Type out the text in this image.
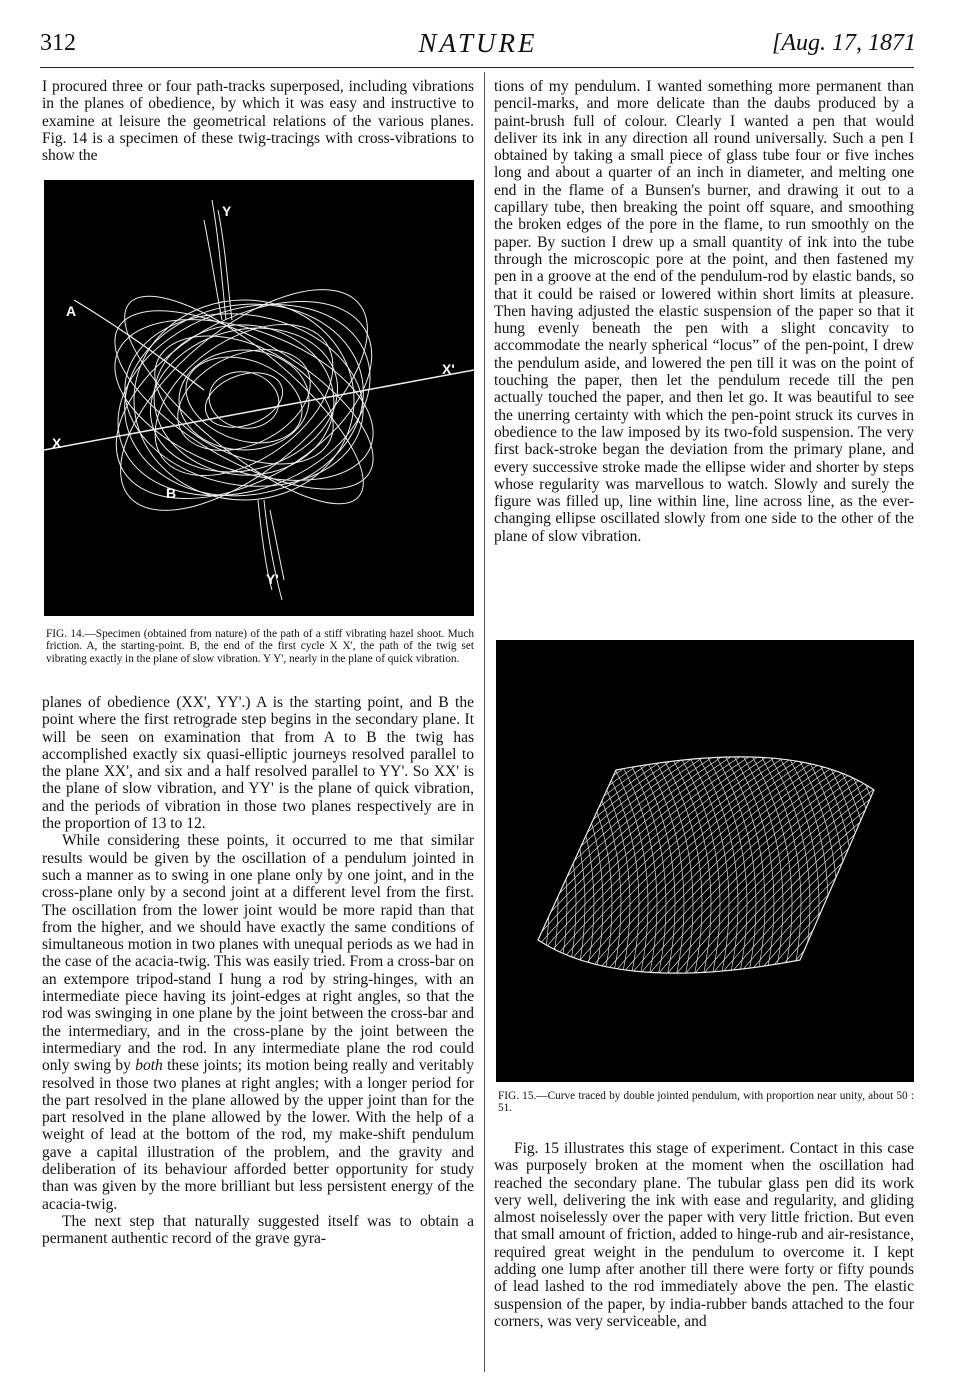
312	NATURE	[Aug. 17, 1871

I procured three or four path-tracks superposed, including vibrations in the planes of obedience, by which it was easy and instructive to examine at leisure the geometrical relations of the various planes. Fig. 14 is a specimen of these twig-tracings with cross-vibrations to show the

Y
A
X'
X
B
Y'
FIG. 14.—Specimen (obtained from nature) of the path of a stiff vibrating hazel shoot. Much friction. A, the starting-point. B, the end of the first cycle X X', the path of the twig set vibrating exactly in the plane of slow vibration. Y Y', nearly in the plane of quick vibration.

planes of obedience (XX', YY'.) A is the starting point, and B the point where the first retrograde step begins in the secondary plane. It will be seen on examination that from A to B the twig has accomplished exactly six quasi-elliptic journeys resolved parallel to the plane XX', and six and a half resolved parallel to YY'. So XX' is the plane of slow vibration, and YY' is the plane of quick vibration, and the periods of vibration in those two planes respectively are in the proportion of 13 to 12.

While considering these points, it occurred to me that similar results would be given by the oscillation of a pendulum jointed in such a manner as to swing in one plane only by one joint, and in the cross-plane only by a second joint at a different level from the first. The oscillation from the lower joint would be more rapid than that from the higher, and we should have exactly the same conditions of simultaneous motion in two planes with unequal periods as we had in the case of the acacia-twig. This was easily tried. From a cross-bar on an extempore tripod-stand I hung a rod by string-hinges, with an intermediate piece having its joint-edges at right angles, so that the rod was swinging in one plane by the joint between the cross-bar and the intermediary, and in the cross-plane by the joint between the intermediary and the rod. In any intermediate plane the rod could only swing by both these joints; its motion being really and veritably resolved in those two planes at right angles; with a longer period for the part resolved in the plane allowed by the upper joint than for the part resolved in the plane allowed by the lower. With the help of a weight of lead at the bottom of the rod, my make-shift pendulum gave a capital illustration of the problem, and the gravity and deliberation of its behaviour afforded better opportunity for study than was given by the more brilliant but less persistent energy of the acacia-twig.

The next step that naturally suggested itself was to obtain a permanent authentic record of the grave gyra-

tions of my pendulum. I wanted something more permanent than pencil-marks, and more delicate than the daubs produced by a paint-brush full of colour. Clearly I wanted a pen that would deliver its ink in any direction all round universally. Such a pen I obtained by taking a small piece of glass tube four or five inches long and about a quarter of an inch in diameter, and melting one end in the flame of a Bunsen's burner, and drawing it out to a capillary tube, then breaking the point off square, and smoothing the broken edges of the pore in the flame, to run smoothly on the paper. By suction I drew up a small quantity of ink into the tube through the microscopic pore at the point, and then fastened my pen in a groove at the end of the pendulum-rod by elastic bands, so that it could be raised or lowered within short limits at pleasure. Then having adjusted the elastic suspension of the paper so that it hung evenly beneath the pen with a slight concavity to accommodate the nearly spherical “locus” of the pen-point, I drew the pendulum aside, and lowered the pen till it was on the point of touching the paper, then let the pendulum recede till the pen actually touched the paper, and then let go. It was beautiful to see the unerring certainty with which the pen-point struck its curves in obedience to the law imposed by its two-fold suspension. The very first back-stroke began the deviation from the primary plane, and every successive stroke made the ellipse wider and shorter by steps whose regularity was marvellous to watch. Slowly and surely the figure was filled up, line within line, line across line, as the ever-changing ellipse oscillated slowly from one side to the other of the plane of slow vibration.

FIG. 15.—Curve traced by double jointed pendulum, with proportion near unity, about 50 : 51.

Fig. 15 illustrates this stage of experiment. Contact in this case was purposely broken at the moment when the oscillation had reached the secondary plane. The tubular glass pen did its work very well, delivering the ink with ease and regularity, and gliding almost noiselessly over the paper with very little friction. But even that small amount of friction, added to hinge-rub and air-resistance, required great weight in the pendulum to overcome it. I kept adding one lump after another till there were forty or fifty pounds of lead lashed to the rod immediately above the pen. The elastic suspension of the paper, by india-rubber bands attached to the four corners, was very serviceable, and
